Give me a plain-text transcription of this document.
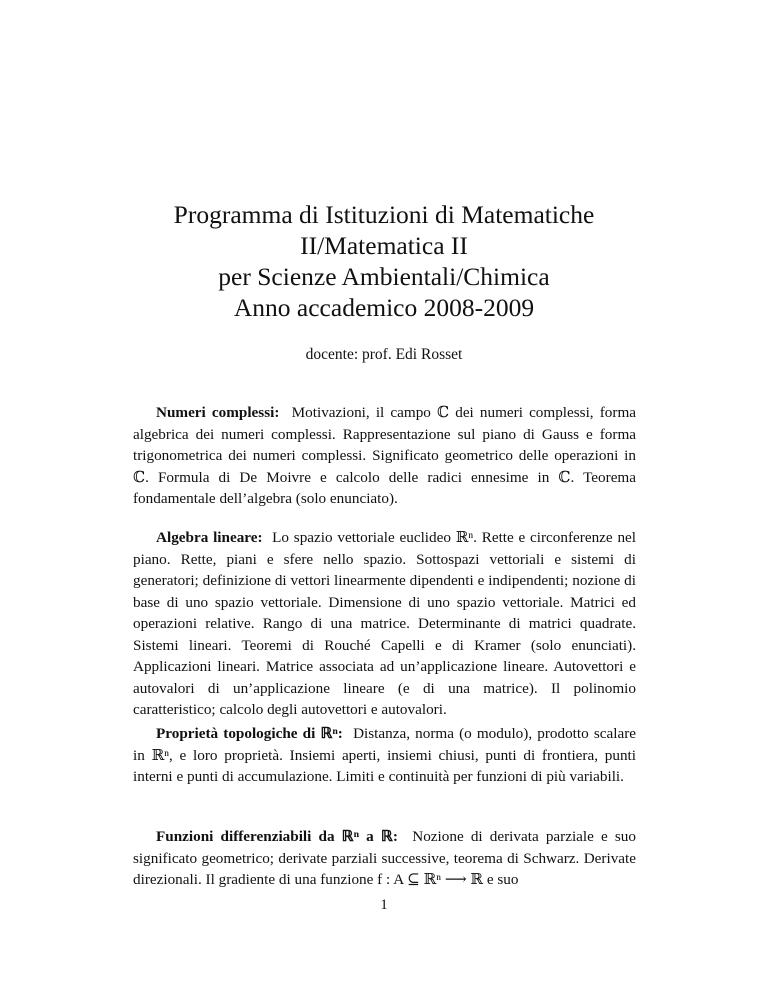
Programma di Istituzioni di Matematiche
II/Matematica II
per Scienze Ambientali/Chimica
Anno accademico 2008-2009
docente: prof. Edi Rosset

Numeri complessi: Motivazioni, il campo ℂ dei numeri complessi, forma algebrica dei numeri complessi. Rappresentazione sul piano di Gauss e forma trigonometrica dei numeri complessi. Significato geometrico delle operazioni in ℂ. Formula di De Moivre e calcolo delle radici ennesime in ℂ. Teorema fondamentale dell’algebra (solo enunciato).

Algebra lineare: Lo spazio vettoriale euclideo ℝⁿ. Rette e circonferenze nel piano. Rette, piani e sfere nello spazio. Sottospazi vettoriali e sistemi di generatori; definizione di vettori linearmente dipendenti e indipendenti; nozione di base di uno spazio vettoriale. Dimensione di uno spazio vettoriale. Matrici ed operazioni relative. Rango di una matrice. Determinante di matrici quadrate. Sistemi lineari. Teoremi di Rouché Capelli e di Kramer (solo enunciati). Applicazioni lineari. Matrice associata ad un’applicazione lineare. Autovettori e autovalori di un’applicazione lineare (e di una matrice). Il polinomio caratteristico; calcolo degli autovettori e autovalori.

Proprietà topologiche di ℝⁿ: Distanza, norma (o modulo), prodotto scalare in ℝⁿ, e loro proprietà. Insiemi aperti, insiemi chiusi, punti di frontiera, punti interni e punti di accumulazione. Limiti e continuità per funzioni di più variabili.

Funzioni differenziabili da ℝⁿ a ℝ: Nozione di derivata parziale e suo significato geometrico; derivate parziali successive, teorema di Schwarz. Derivate direzionali. Il gradiente di una funzione f : A ⊆ ℝⁿ ⟶ ℝ e suo

1
